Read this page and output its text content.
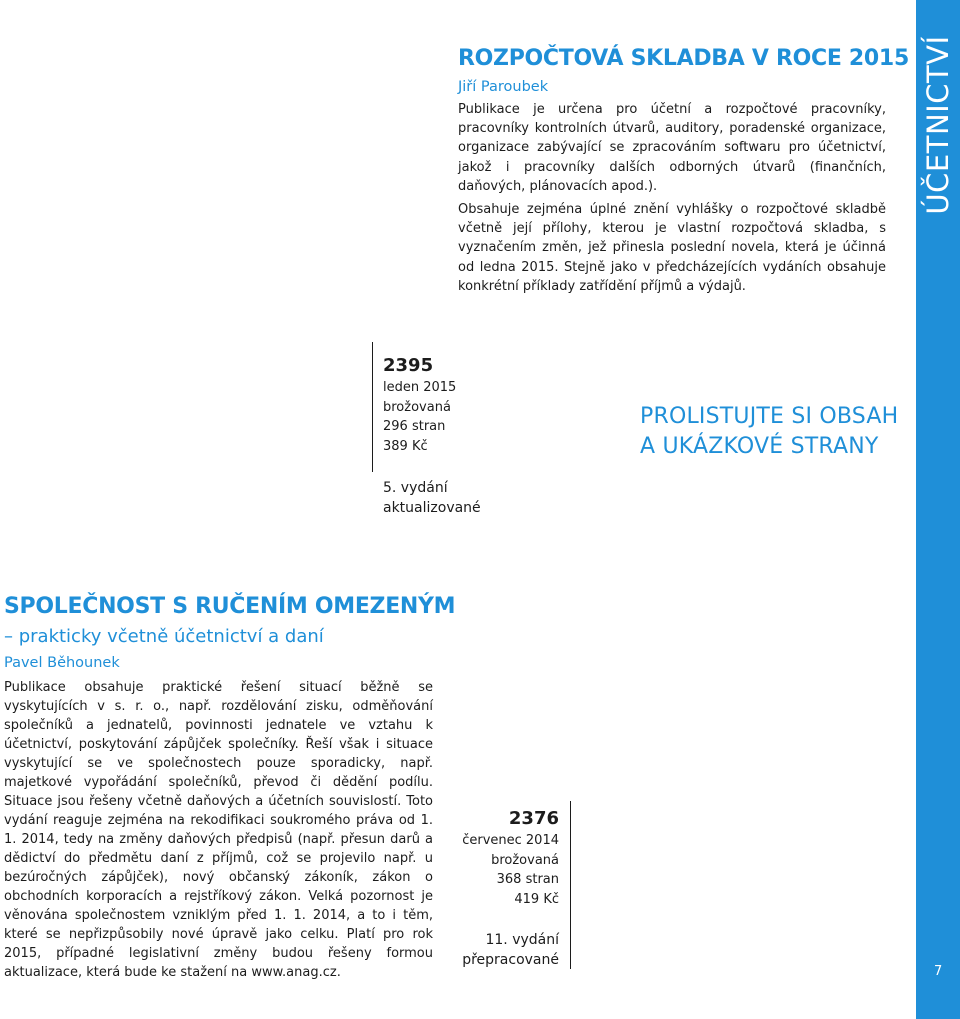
ROZPOČTOVÁ SKLADBA V ROCE 2015
Jiří Paroubek

Publikace je určena pro účetní a rozpočtové pracovníky, pracovníky kontrolních útvarů, auditory, poradenské organizace, organizace zabývající se zpracováním softwaru pro účetnictví, jakož i pracovníky dalších odborných útvarů (finančních, daňových, plánovacích apod.).

Obsahuje zejména úplné znění vyhlášky o rozpočtové skladbě včetně její přílohy, kterou je vlastní rozpočtová skladba, s vyznačením změn, jež přinesla poslední novela, která je účinná od ledna 2015. Stejně jako v předcházejících vydáních obsahuje konkrétní příklady zatřídění příjmů a výdajů.

2395
leden 2015
brožovaná
296 stran
389 Kč
5. vydání
aktualizované
PROLISTUJTE SI OBSAH
A UKÁZKOVÉ STRANY
SPOLEČNOST S RUČENÍM OMEZENÝM
– prakticky včetně účetnictví a daní
Pavel Běhounek

Publikace obsahuje praktické řešení situací běžně se vyskytujících v s. r. o., např. rozdělování zisku, odměňování společníků a jednatelů, povinnosti jednatele ve vztahu k účetnictví, poskytování zápůjček společníky. Řeší však i situace vyskytující se ve společnostech pouze sporadicky, např. majetkové vypořádání společníků, převod či dědění podílu. Situace jsou řešeny včetně daňových a účetních souvislostí. Toto vydání reaguje zejména na rekodifikaci soukromého práva od 1. 1. 2014, tedy na změny daňových předpisů (např. přesun darů a dědictví do předmětu daní z příjmů, což se projevilo např. u bezúročných zápůjček), nový občanský zákoník, zákon o obchodních korporacích a rejstříkový zákon. Velká pozornost je věnována společnostem vzniklým před 1. 1. 2014, a to i těm, které se nepřizpůsobily nové úpravě jako celku. Platí pro rok 2015, případné legislativní změny budou řešeny formou aktualizace, která bude ke stažení na www.anag.cz.

2376
červenec 2014
brožovaná
368 stran
419 Kč
11. vydání
přepracované
ÚČETNICTVÍ
7
